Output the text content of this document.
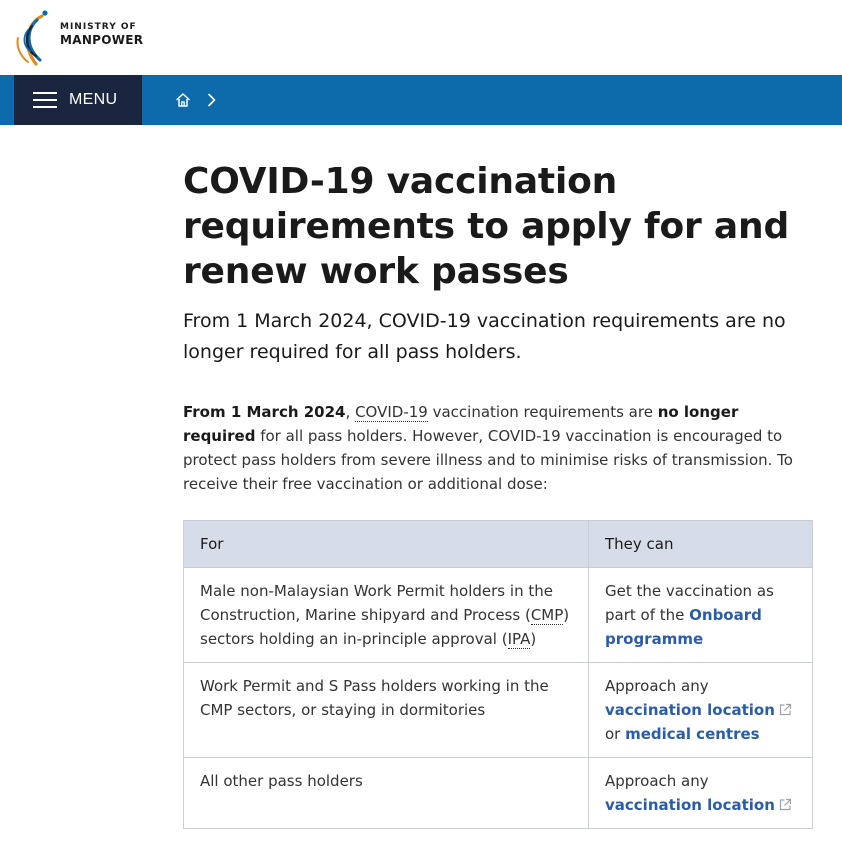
MINISTRY OF
MANPOWER
MENU
COVID-19 vaccination requirements to apply for and renew work passes

From 1 March 2024, COVID-19 vaccination requirements are no longer required for all pass holders.

From 1 March 2024, COVID-19 vaccination requirements are no longer required for all pass holders. However, COVID-19 vaccination is encouraged to protect pass holders from severe illness and to minimise risks of transmission. To receive their free vaccination or additional dose:

For	They can
Male non-Malaysian Work Permit holders in the Construction, Marine shipyard and Process (CMP) sectors holding an in-principle approval (IPA)	Get the vaccination as part of the Onboard programme
Work Permit and S Pass holders working in the CMP sectors, or staying in dormitories	Approach any vaccination location or medical centres
All other pass holders	Approach any vaccination location
